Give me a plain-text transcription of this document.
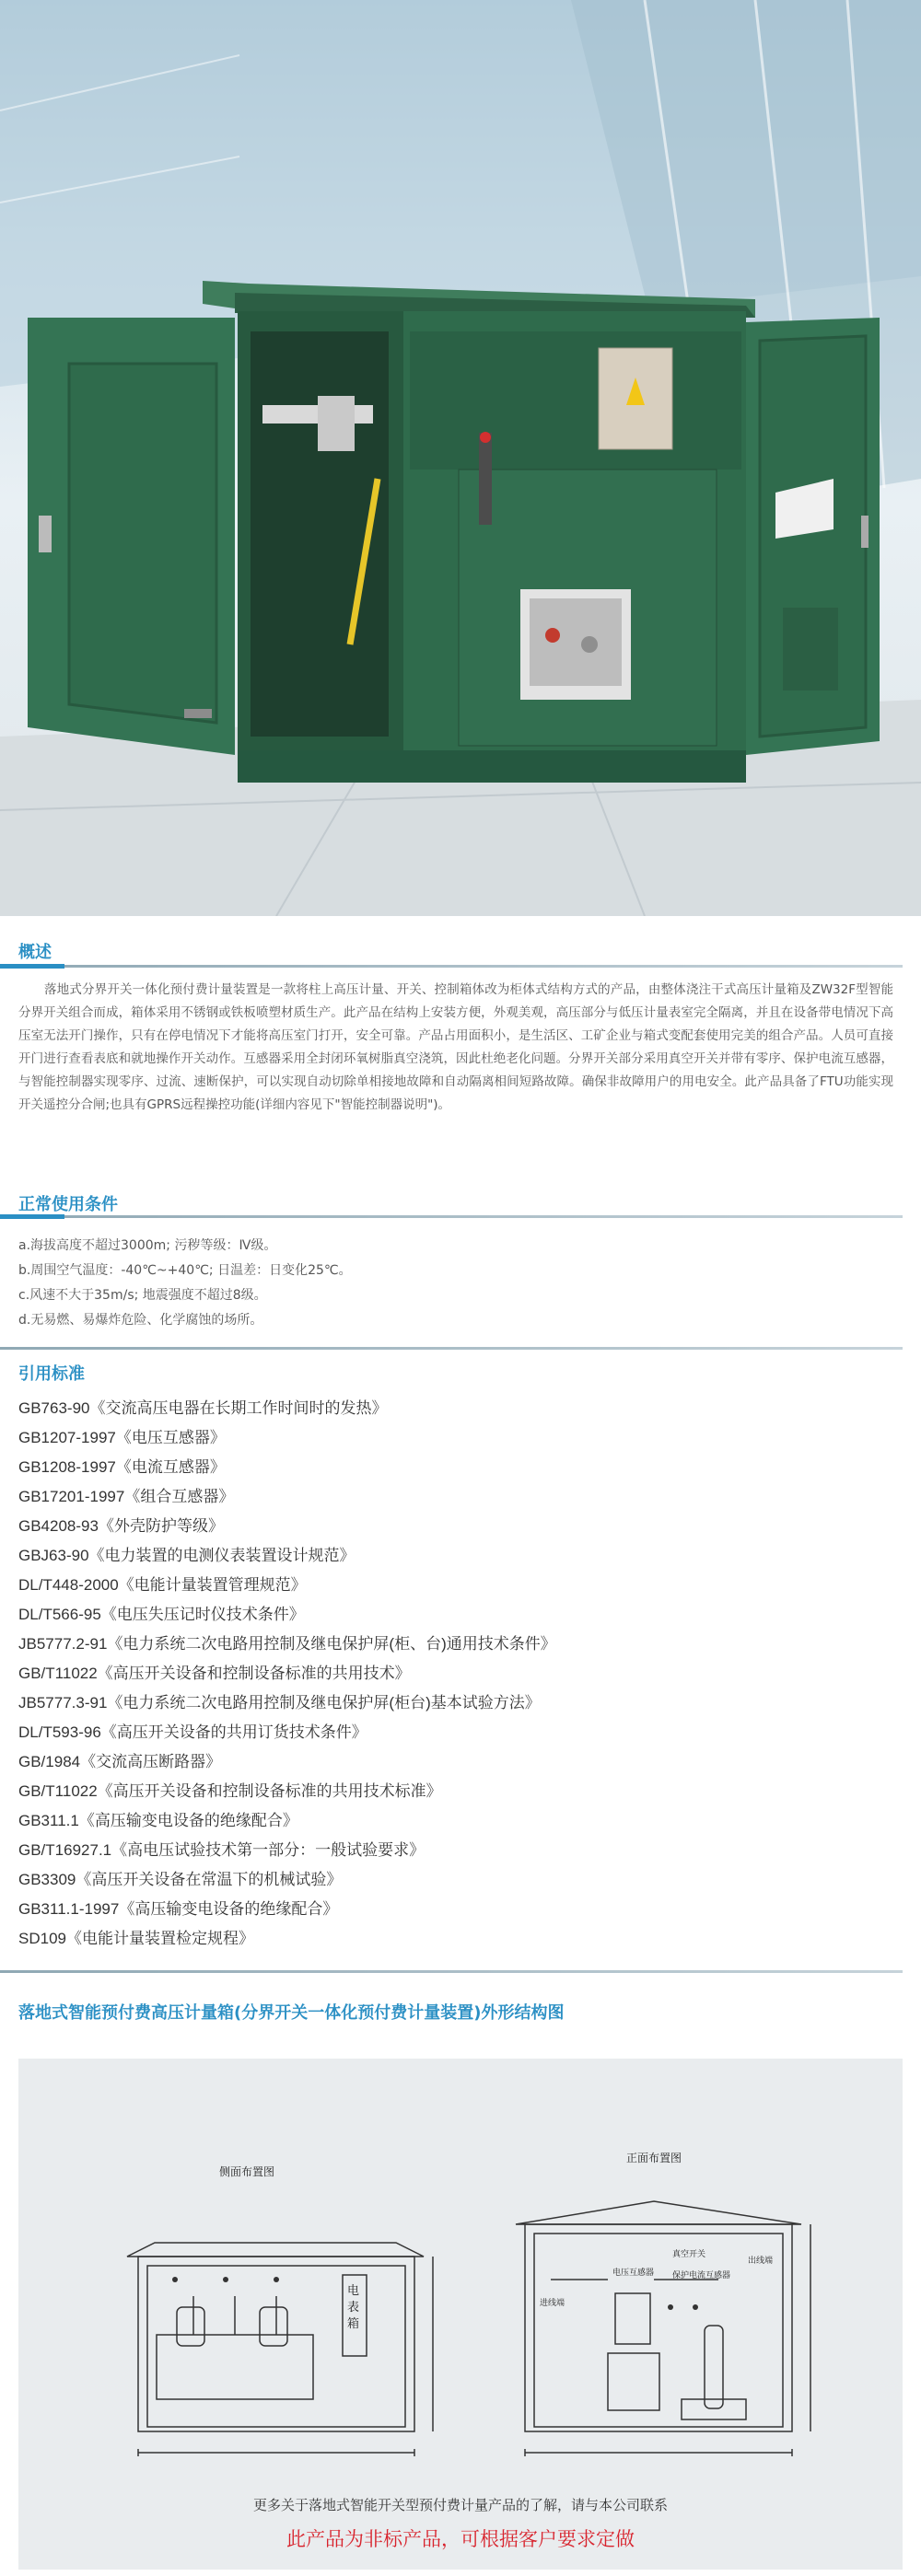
概述

落地式分界开关一体化预付费计量装置是一款将柱上高压计量、开关、控制箱体改为柜体式结构方式的产品，由整体浇注干式高压计量箱及ZW32F型智能分界开关组合而成，箱体采用不锈钢或铁板喷塑材质生产。此产品在结构上安装方便，外观美观，高压部分与低压计量表室完全隔离，并且在设备带电情况下高压室无法开门操作，只有在停电情况下才能将高压室门打开，安全可靠。产品占用面积小，是生活区、工矿企业与箱式变配套使用完美的组合产品。人员可直接开门进行查看表底和就地操作开关动作。互感器采用全封闭环氧树脂真空浇筑，因此杜绝老化问题。分界开关部分采用真空开关并带有零序、保护电流互感器，与智能控制器实现零序、过流、速断保护，可以实现自动切除单相接地故障和自动隔离相间短路故障。确保非故障用户的用电安全。此产品具备了FTU功能实现开关遥控分合闸;也具有GPRS远程操控功能(详细内容见下"智能控制器说明")。

正常使用条件
a.海拔高度不超过3000m; 污秽等级：Ⅳ级。
b.周围空气温度：-40℃~+40℃; 日温差：日变化25℃。
c.风速不大于35m/s; 地震强度不超过8级。
d.无易燃、易爆炸危险、化学腐蚀的场所。
引用标准
GB763-90《交流高压电器在长期工作时间时的发热》
GB1207-1997《电压互感器》
GB1208-1997《电流互感器》
GB17201-1997《组合互感器》
GB4208-93《外壳防护等级》
GBJ63-90《电力装置的电测仪表装置设计规范》
DL/T448-2000《电能计量装置管理规范》
DL/T566-95《电压失压记时仪技术条件》
JB5777.2-91《电力系统二次电路用控制及继电保护屏(柜、台)通用技术条件》
GB/T11022《高压开关设备和控制设备标准的共用技术》
JB5777.3-91《电力系统二次电路用控制及继电保护屏(柜台)基本试验方法》
DL/T593-96《高压开关设备的共用订货技术条件》
GB/1984《交流高压断路器》
GB/T11022《高压开关设备和控制设备标准的共用技术标准》
GB311.1《高压输变电设备的绝缘配合》
GB/T16927.1《高电压试验技术第一部分：一般试验要求》
GB3309《高压开关设备在常温下的机械试验》
GB311.1-1997《高压输变电设备的绝缘配合》
SD109《电能计量装置检定规程》
落地式智能预付费高压计量箱(分界开关一体化预付费计量装置)外形结构图
侧面布置图
正面布置图
电表箱
真空开关
出线端
进线端
电压互感器 保护电流互感器
更多关于落地式智能开关型预付费计量产品的了解，请与本公司联系
此产品为非标产品，可根据客户要求定做
